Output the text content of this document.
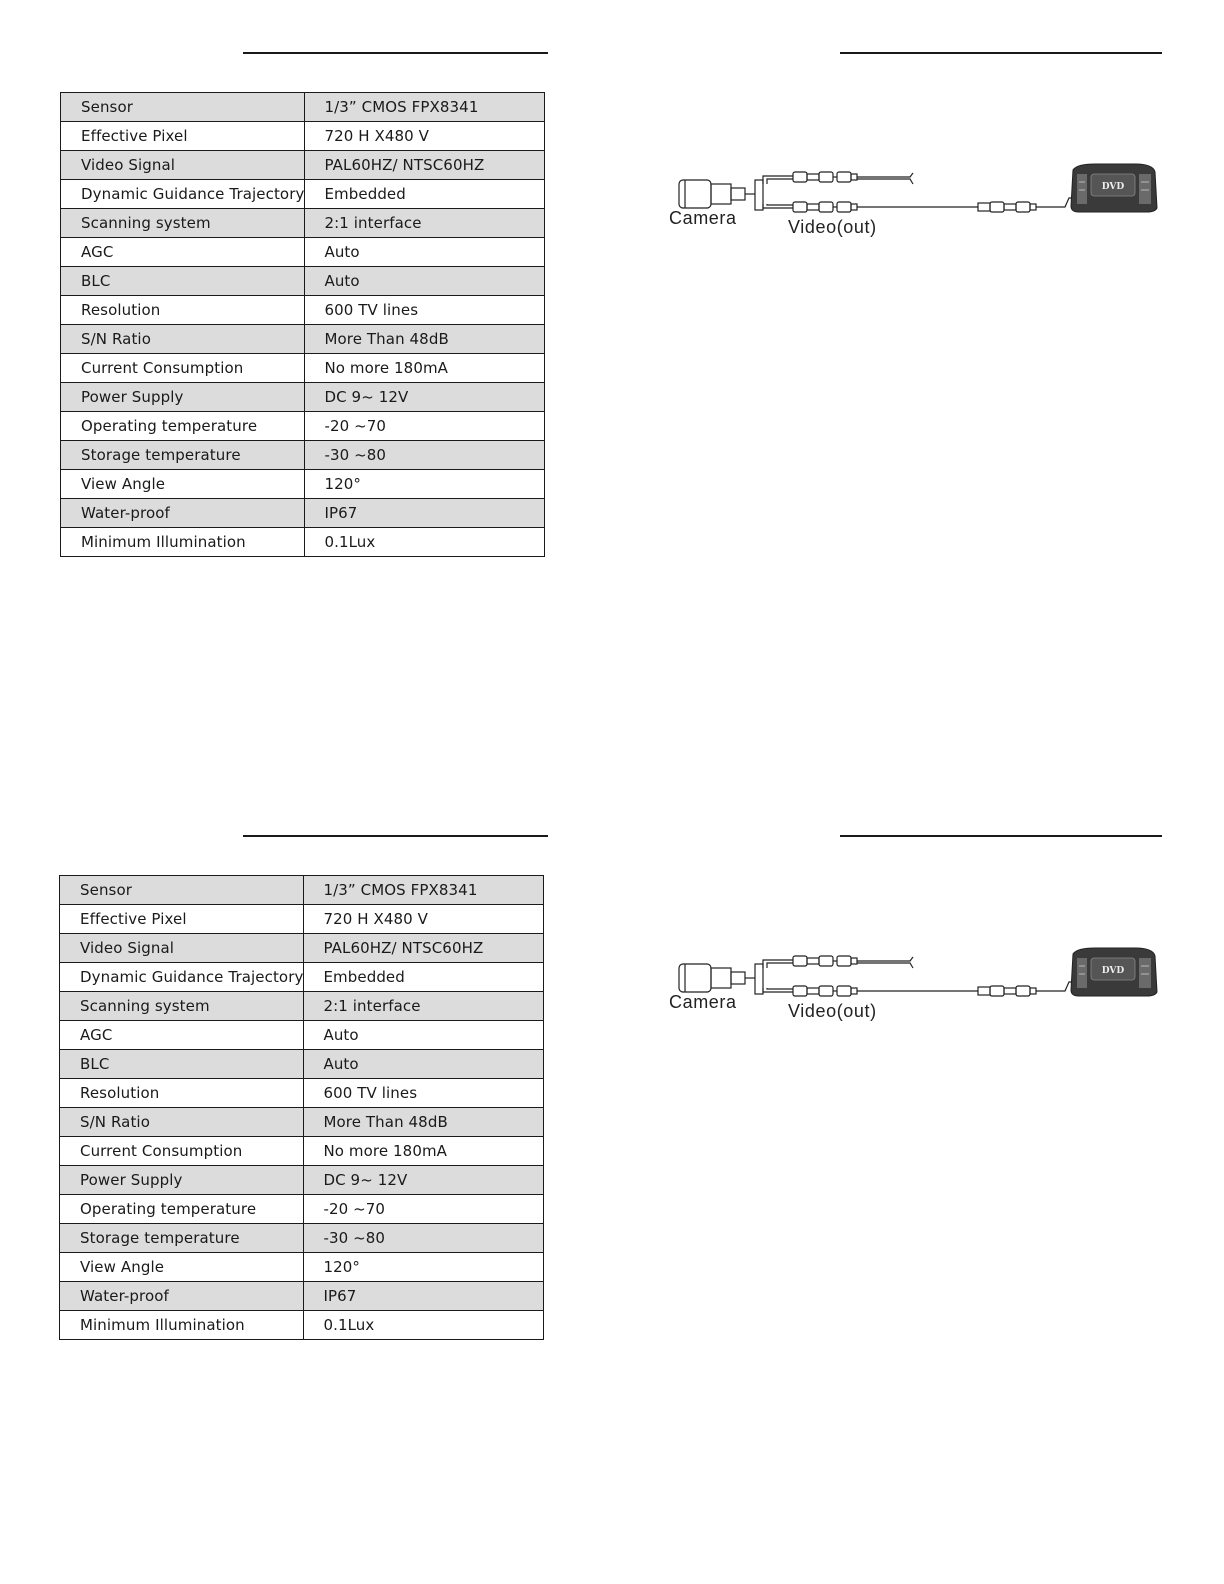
Sensor	1/3” CMOS FPX8341
Effective Pixel	720 H X480 V
Video Signal	PAL60HZ/ NTSC60HZ
Dynamic Guidance Trajectory	Embedded
Scanning system	2:1 interface
AGC	Auto
BLC	Auto
Resolution	600 TV lines
S/N Ratio	More Than 48dB
Current Consumption	No more 180mA
Power Supply	DC 9~ 12V
Operating temperature	-20 ~70
Storage temperature	-30 ~80
View Angle	120°
Water-proof	IP67
Minimum Illumination	0.1Lux
DVD
Camera	Video(out)
Sensor	1/3” CMOS FPX8341
Effective Pixel	720 H X480 V
Video Signal	PAL60HZ/ NTSC60HZ
Dynamic Guidance Trajectory	Embedded
Scanning system	2:1 interface
AGC	Auto
BLC	Auto
Resolution	600 TV lines
S/N Ratio	More Than 48dB
Current Consumption	No more 180mA
Power Supply	DC 9~ 12V
Operating temperature	-20 ~70
Storage temperature	-30 ~80
View Angle	120°
Water-proof	IP67
Minimum Illumination	0.1Lux
DVD
Camera	Video(out)
